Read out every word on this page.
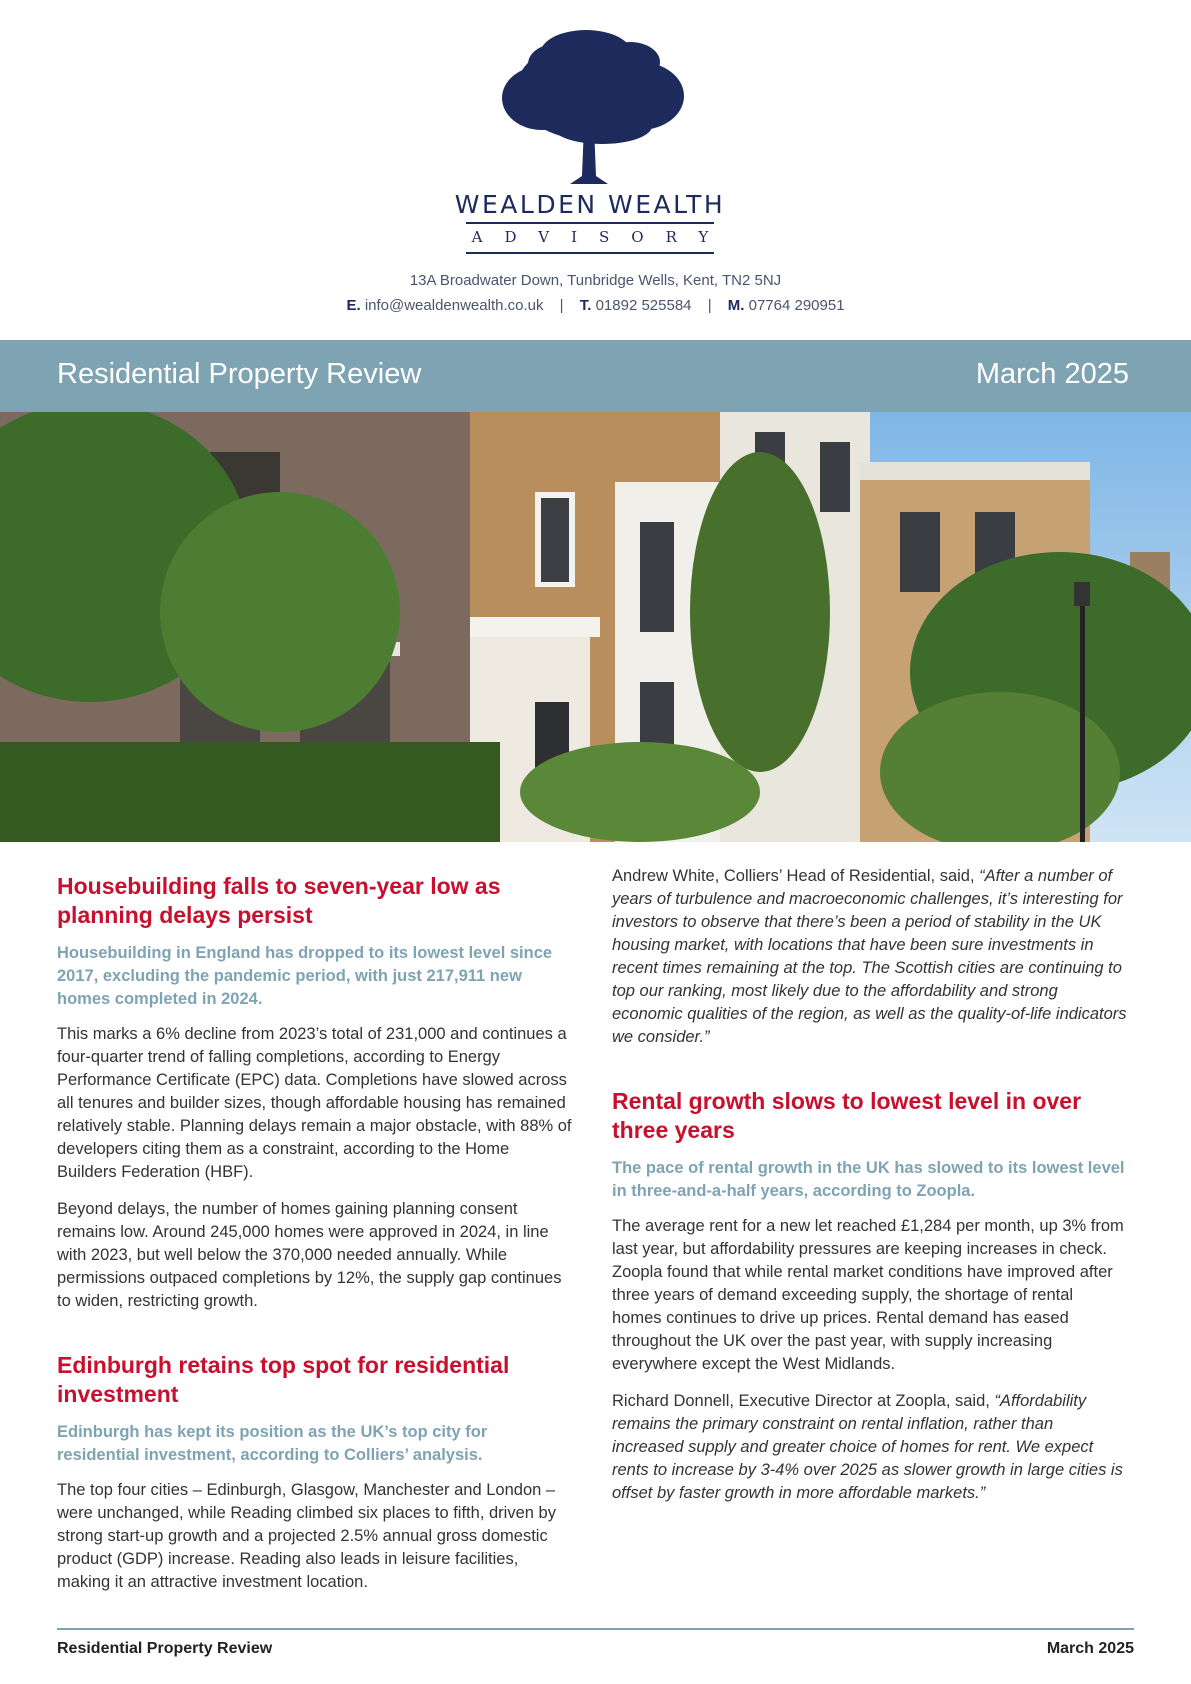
WEALDEN WEALTH
ADVISORY
13A Broadwater Down, Tunbridge Wells, Kent, TN2 5NJ
E. info@wealdenwealth.co.uk | T. 01892 525584 | M. 07764 290951
Residential Property Review	March 2025
Housebuilding falls to seven-year low as planning delays persist
Housebuilding in England has dropped to its lowest level since 2017, excluding the pandemic period, with just 217,911 new homes completed in 2024.

This marks a 6% decline from 2023’s total of 231,000 and continues a four-quarter trend of falling completions, according to Energy Performance Certificate (EPC) data. Completions have slowed across all tenures and builder sizes, though affordable housing has remained relatively stable. Planning delays remain a major obstacle, with 88% of developers citing them as a constraint, according to the Home Builders Federation (HBF).

Beyond delays, the number of homes gaining planning consent remains low. Around 245,000 homes were approved in 2024, in line with 2023, but well below the 370,000 needed annually. While permissions outpaced completions by 12%, the supply gap continues to widen, restricting growth.

Edinburgh retains top spot for residential investment
Edinburgh has kept its position as the UK’s top city for residential investment, according to Colliers’ analysis.

The top four cities – Edinburgh, Glasgow, Manchester and London – were unchanged, while Reading climbed six places to fifth, driven by strong start-up growth and a projected 2.5% annual gross domestic product (GDP) increase. Reading also leads in leisure facilities, making it an attractive investment location.

Andrew White, Colliers’ Head of Residential, said, “After a number of years of turbulence and macroeconomic challenges, it’s interesting for investors to observe that there’s been a period of stability in the UK housing market, with locations that have been sure investments in recent times remaining at the top. The Scottish cities are continuing to top our ranking, most likely due to the affordability and strong economic qualities of the region, as well as the quality-of-life indicators we consider.”

Rental growth slows to lowest level in over three years
The pace of rental growth in the UK has slowed to its lowest level in three-and-a-half years, according to Zoopla.

The average rent for a new let reached £1,284 per month, up 3% from last year, but affordability pressures are keeping increases in check. Zoopla found that while rental market conditions have improved after three years of demand exceeding supply, the shortage of rental homes continues to drive up prices. Rental demand has eased throughout the UK over the past year, with supply increasing everywhere except the West Midlands.

Richard Donnell, Executive Director at Zoopla, said, “Affordability remains the primary constraint on rental inflation, rather than increased supply and greater choice of homes for rent. We expect rents to increase by 3-4% over 2025 as slower growth in large cities is offset by faster growth in more affordable markets.”

Residential Property Review	March 2025
